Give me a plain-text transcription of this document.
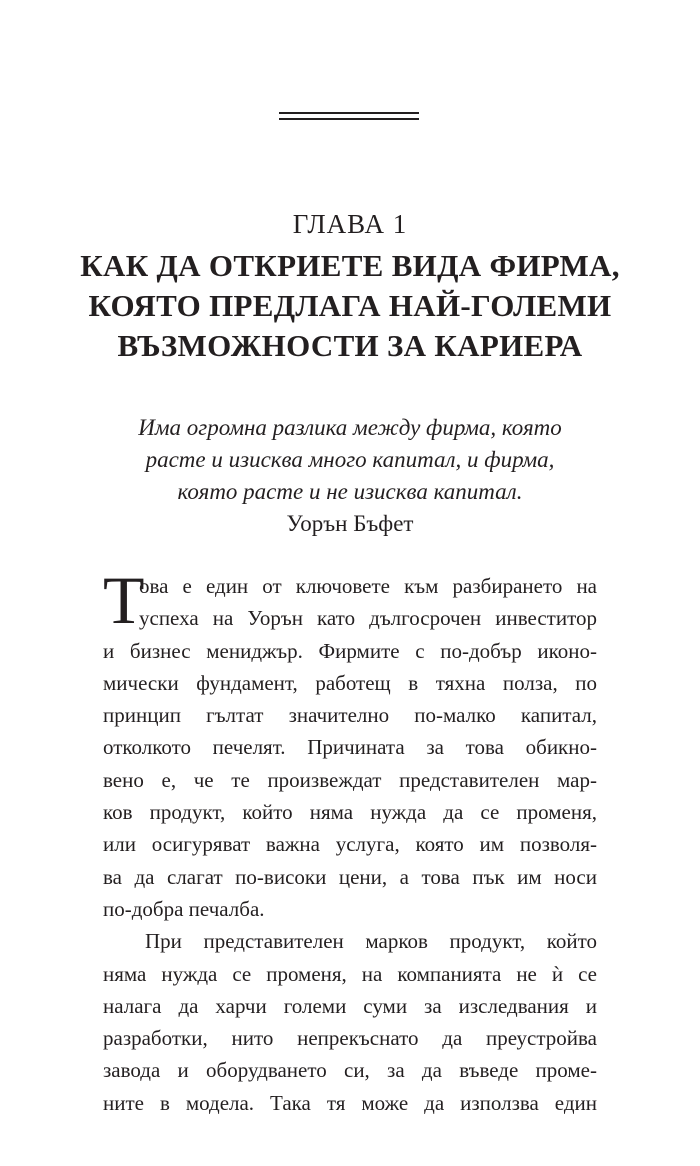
ГЛАВА 1
КАК ДА ОТКРИЕТЕ ВИДА ФИРМА,
КОЯТО ПРЕДЛАГА НАЙ-ГОЛЕМИ
ВЪЗМОЖНОСТИ ЗА КАРИЕРА
Има огромна разлика между фирма, която
расте и изисква много капитал, и фирма,
която расте и не изисква капитал.
Уорън Бъфет
Т
ова е един от ключовете към разбирането на
успеха на Уорън като дългосрочен инвеститор
и бизнес мениджър. Фирмите с по-добър иконо-
мически фундамент, работещ в тяхна полза, по
принцип гълтат значително по-малко капитал,
отколкото печелят. Причината за това обикно-
вено е, че те произвеждат представителен мар-
ков продукт, който няма нужда да се променя,
или осигуряват важна услуга, която им позволя-
ва да слагат по-високи цени, а това пък им носи
по-добра печалба.
При представителен марков продукт, който
няма нужда се променя, на компанията не ѝ се
налага да харчи големи суми за изследвания и
разработки, нито непрекъснато да преустройва
завода и оборудването си, за да въведе проме-
ните в модела. Така тя може да използва един
